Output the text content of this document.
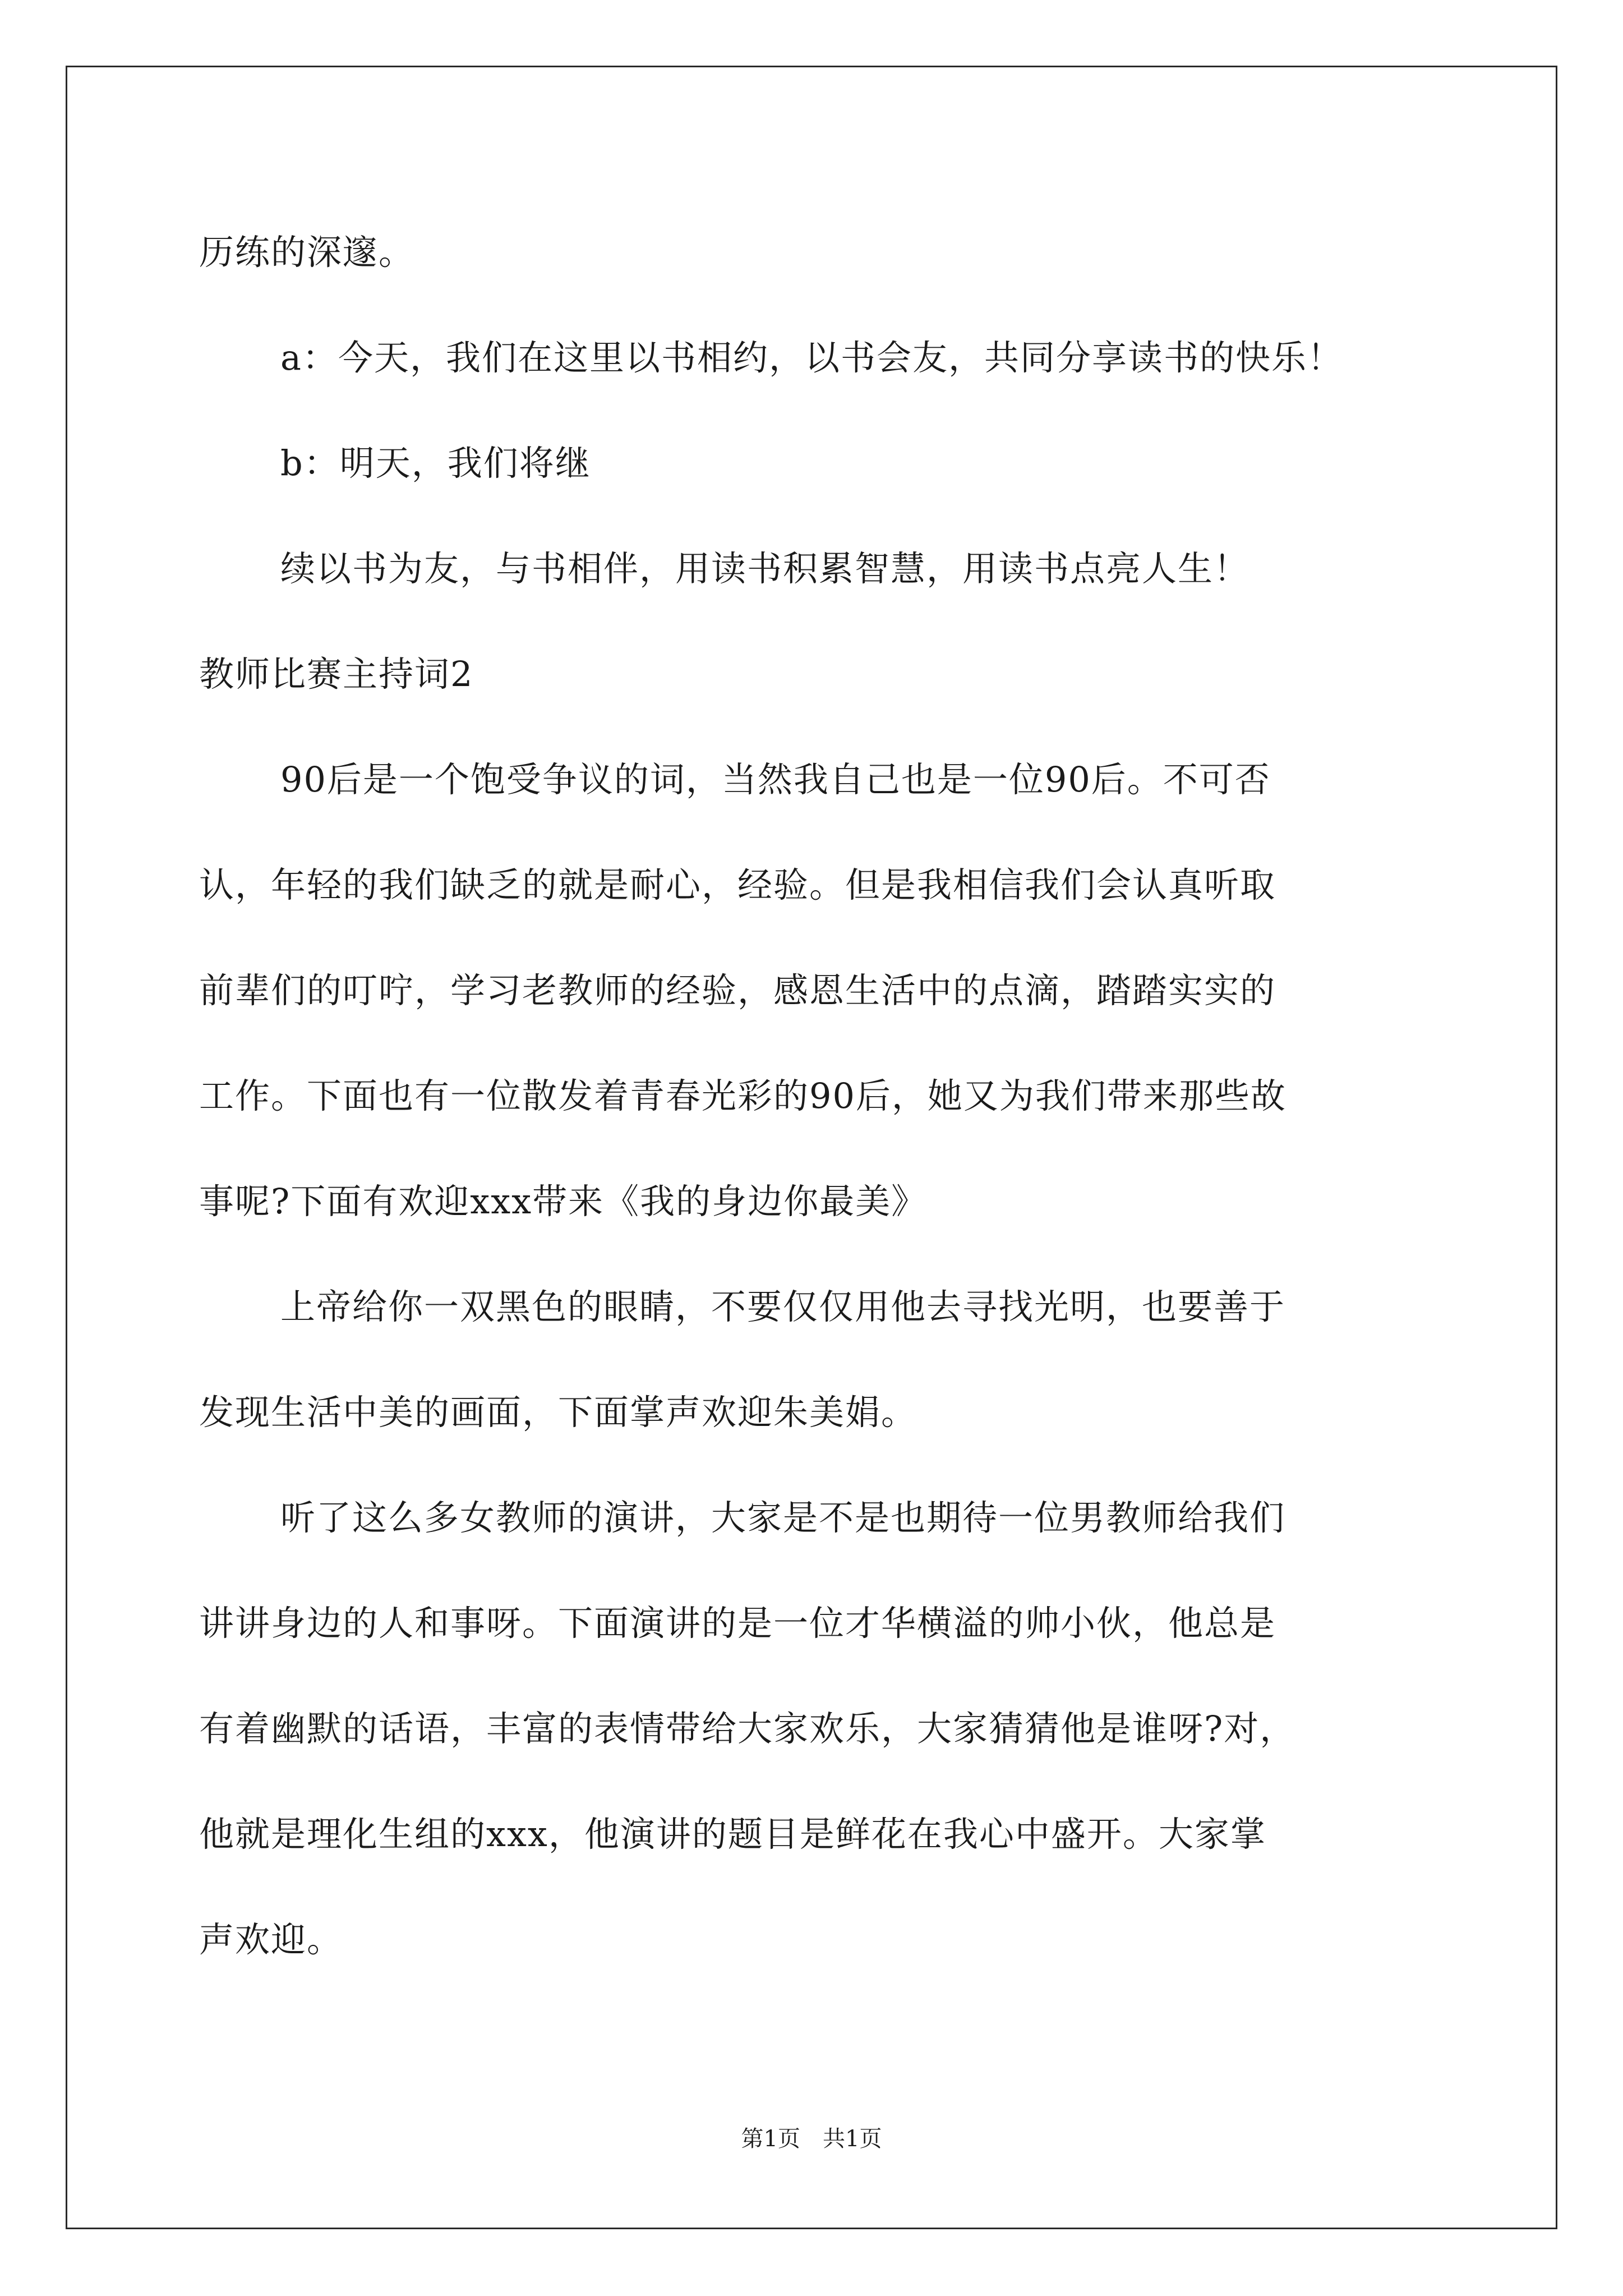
历练的深邃。
a：今天，我们在这里以书相约，以书会友，共同分享读书的快乐！
b：明天，我们将继
续以书为友，与书相伴，用读书积累智慧，用读书点亮人生！
教师比赛主持词2
90后是一个饱受争议的词，当然我自己也是一位90后。不可否
认，年轻的我们缺乏的就是耐心，经验。但是我相信我们会认真听取
前辈们的叮咛，学习老教师的经验，感恩生活中的点滴，踏踏实实的
工作。下面也有一位散发着青春光彩的90后，她又为我们带来那些故
事呢?下面有欢迎xxx带来《我的身边你最美》
上帝给你一双黑色的眼睛，不要仅仅用他去寻找光明，也要善于
发现生活中美的画面，下面掌声欢迎朱美娟。
听了这么多女教师的演讲，大家是不是也期待一位男教师给我们
讲讲身边的人和事呀。下面演讲的是一位才华横溢的帅小伙，他总是
有着幽默的话语，丰富的表情带给大家欢乐，大家猜猜他是谁呀?对，
他就是理化生组的xxx，他演讲的题目是鲜花在我心中盛开。大家掌
声欢迎。
第1页　共1页
